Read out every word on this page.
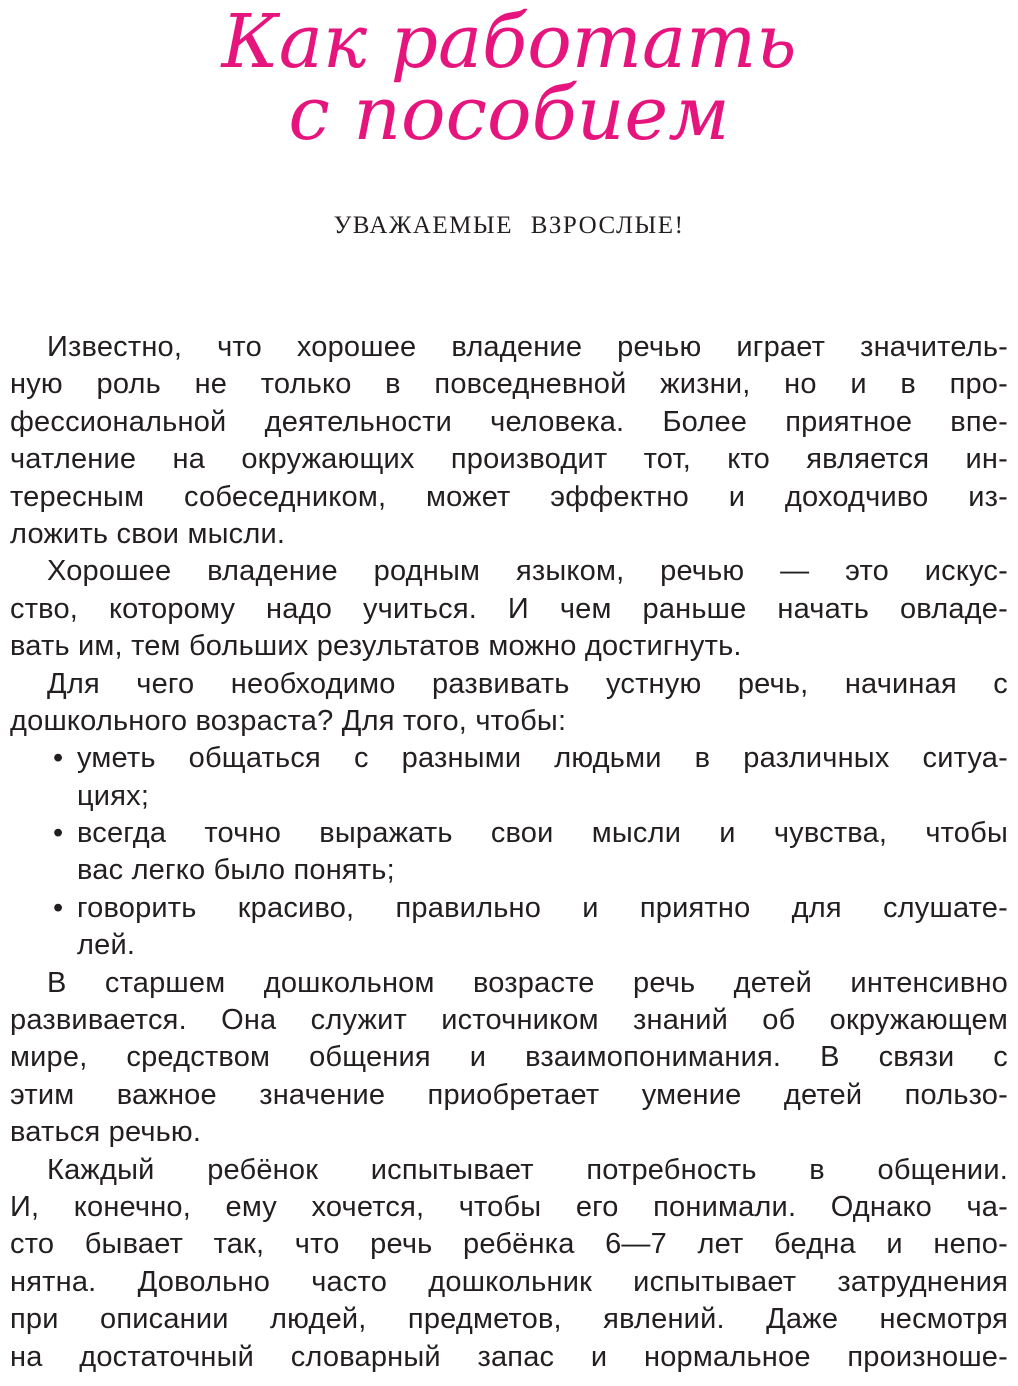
Как работать
с пособием
УВАЖАЕМЫЕ ВЗРОСЛЫЕ!
Известно, что хорошее владение речью играет значитель-
ную роль не только в повседневной жизни, но и в про-
фессиональной деятельности человека. Более приятное впе-
чатление на окружающих производит тот, кто является ин-
тересным собеседником, может эффектно и доходчиво из-
ложить свои мысли.
Хорошее владение родным языком, речью — это искус-
ство, которому надо учиться. И чем раньше начать овладе-
вать им, тем больших результатов можно достигнуть.
Для чего необходимо развивать устную речь, начиная с
дошкольного возраста? Для того, чтобы:
• уметь общаться с разными людьми в различных ситуа-
циях;
• всегда точно выражать свои мысли и чувства, чтобы
вас легко было понять;
• говорить красиво, правильно и приятно для слушате-
лей.
В старшем дошкольном возрасте речь детей интенсивно
развивается. Она служит источником знаний об окружающем
мире, средством общения и взаимопонимания. В связи с
этим важное значение приобретает умение детей пользо-
ваться речью.
Каждый ребёнок испытывает потребность в общении.
И, конечно, ему хочется, чтобы его понимали. Однако ча-
сто бывает так, что речь ребёнка 6—7 лет бедна и непо-
нятна. Довольно часто дошкольник испытывает затруднения
при описании людей, предметов, явлений. Даже несмотря
на достаточный словарный запас и нормальное произноше-
